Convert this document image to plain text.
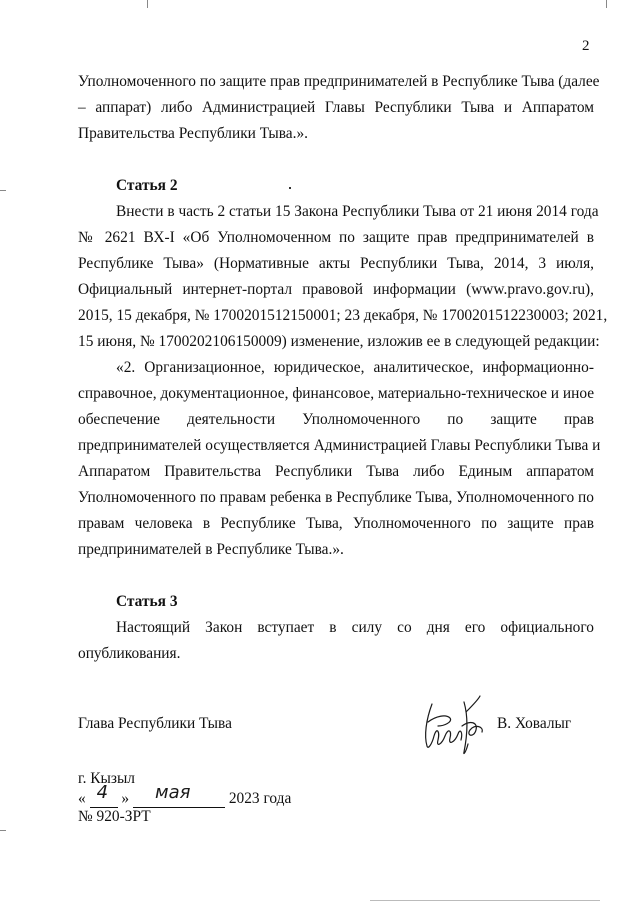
2
Уполномоченного по защите прав предпринимателей в Республике Тыва (далее
– аппарат) либо Администрацией Главы Республики Тыва и Аппаратом
Правительства Республики Тыва.».
Статья 2
Внести в часть 2 статьи 15 Закона Республики Тыва от 21 июня 2014 года
№ 2621 ВХ-I «Об Уполномоченном по защите прав предпринимателей в
Республике Тыва» (Нормативные акты Республики Тыва, 2014, 3 июля,
Официальный интернет-портал правовой информации (www.pravo.gov.ru),
2015, 15 декабря, № 1700201512150001; 23 декабря, № 1700201512230003; 2021,
15 июня, № 1700202106150009) изменение, изложив ее в следующей редакции:
«2. Организационное, юридическое, аналитическое, информационно-
справочное, документационное, финансовое, материально-техническое и иное
обеспечение деятельности Уполномоченного по защите прав
предпринимателей осуществляется Администрацией Главы Республики Тыва и
Аппаратом Правительства Республики Тыва либо Единым аппаратом
Уполномоченного по правам ребенка в Республике Тыва, Уполномоченного по
правам человека в Республике Тыва, Уполномоченного по защите прав
предпринимателей в Республике Тыва.».
Статья 3
Настоящий Закон вступает в силу со дня его официального
опубликования.
Глава Республики Тыва	В. Ховалыг
г. Кызыл
« 4 » мая 2023 года
№ 920-ЗРТ
